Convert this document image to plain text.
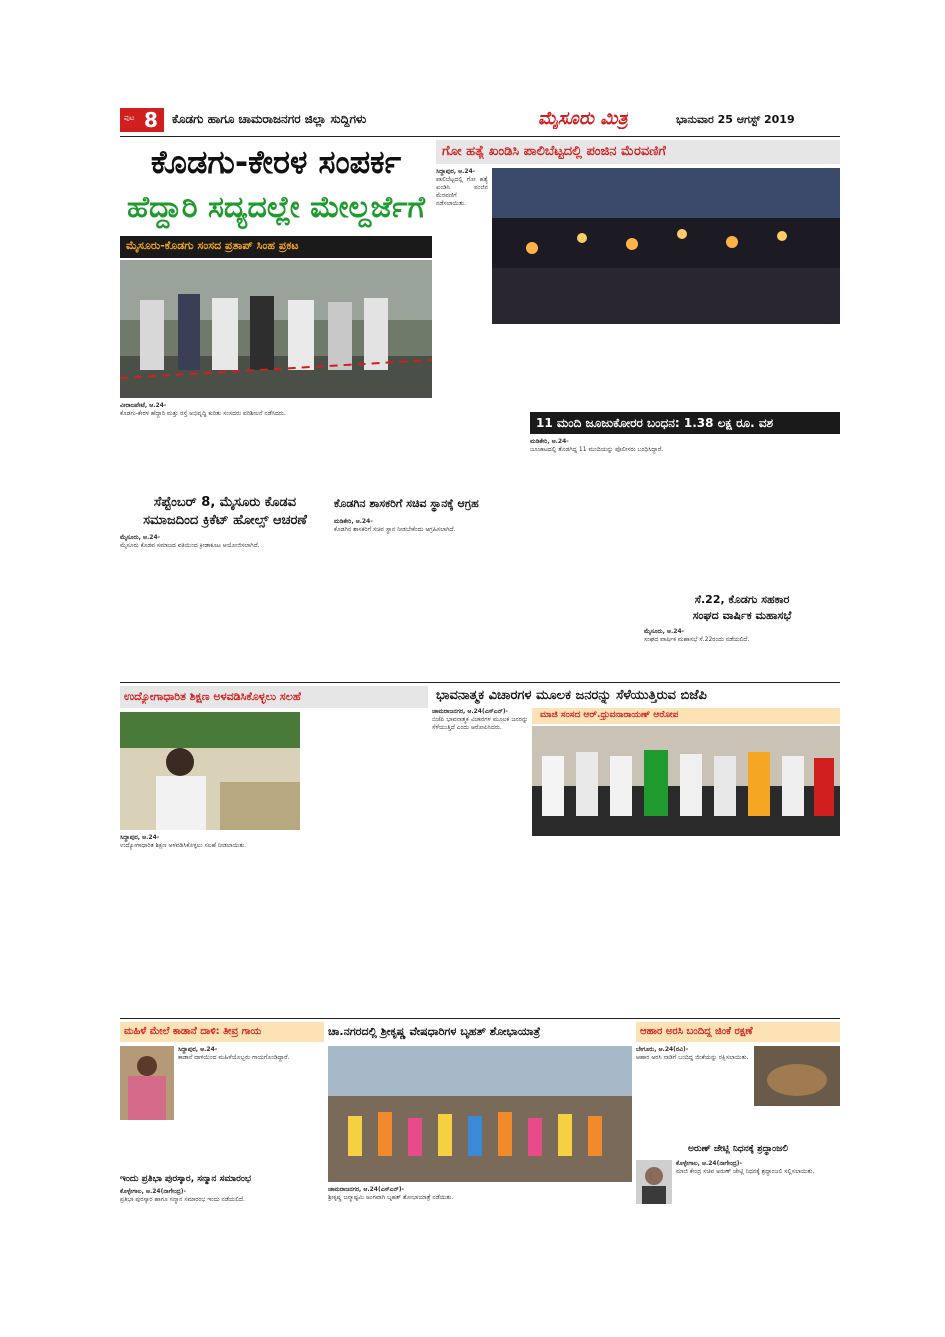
ಪುಟ 8 ಕೊಡಗು ಹಾಗೂ ಚಾಮರಾಜನಗರ ಜಿಲ್ಲಾ ಸುದ್ದಿಗಳು	ಮೈಸೂರು ಮಿತ್ರ	ಭಾನುವಾರ 25 ಆಗಸ್ಟ್ 2019
ಕೊಡಗು-ಕೇರಳ ಸಂಪರ್ಕ
ಹೆದ್ದಾರಿ ಸದ್ಯದಲ್ಲೇ ಮೇಲ್ದರ್ಜೆಗೆ
ಮೈಸೂರು-ಕೊಡಗು ಸಂಸದ ಪ್ರತಾಪ್ ಸಿಂಹ ಪ್ರಕಟ
ವೀರಾಜಪೇಟೆ, ಆ.24-
ಕೊಡಗು-ಕೇರಳ ಹೆದ್ದಾರಿ ಮತ್ತು ರಸ್ತೆ ಅಭಿವೃದ್ಧಿ ಕುರಿತು ಸಂಸದರು ಪರಿಶೀಲನೆ ನಡೆಸಿದರು.
ಗೋ ಹತ್ಯೆ ಖಂಡಿಸಿ ಪಾಲಿಬೆಟ್ಟದಲ್ಲಿ ಪಂಜಿನ ಮೆರವಣಿಗೆ
ಸಿದ್ದಾಪುರ, ಆ.24-
ಪಾಲಿಬೆಟ್ಟದಲ್ಲಿ ಗೋ ಹತ್ಯೆ ಖಂಡಿಸಿ ಪಂಜಿನ ಮೆರವಣಿಗೆ ನಡೆಸಲಾಯಿತು.
11 ಮಂದಿ ಜೂಜುಕೋರರ ಬಂಧನ: 1.38 ಲಕ್ಷ ರೂ. ವಶ
ಮಡಿಕೇರಿ, ಆ.24-
ಜೂಜಾಟದಲ್ಲಿ ತೊಡಗಿದ್ದ 11 ಮಂದಿಯನ್ನು ಪೊಲೀಸರು ಬಂಧಿಸಿದ್ದಾರೆ.
ಸೆಪ್ಟೆಂಬರ್ 8, ಮೈಸೂರು ಕೊಡವ
ಸಮಾಜದಿಂದ ಕ್ರಿಕೆಟ್ ಹೋಲ್ಸ್ ಆಚರಣೆ
ಮೈಸೂರು, ಆ.24-
ಮೈಸೂರು ಕೊಡವ ಸಮಾಜದ ವತಿಯಿಂದ ಕ್ರೀಡಾಕೂಟ ಆಯೋಜಿಸಲಾಗಿದೆ.
ಕೊಡಗಿನ ಶಾಸಕರಿಗೆ ಸಚಿವ ಸ್ಥಾನಕ್ಕೆ ಆಗ್ರಹ
ಮಡಿಕೇರಿ, ಆ.24-
ಕೊಡಗಿನ ಶಾಸಕರಿಗೆ ಸಚಿವ ಸ್ಥಾನ ನೀಡಬೇಕೆಂದು ಆಗ್ರಹಿಸಲಾಗಿದೆ.
ಸೆ.22, ಕೊಡಗು ಸಹಕಾರ
ಸಂಘದ ವಾರ್ಷಿಕ ಮಹಾಸಭೆ
ಮೈಸೂರು, ಆ.24-
ಸಂಘದ ವಾರ್ಷಿಕ ಮಹಾಸಭೆ ಸೆ.22ರಂದು ನಡೆಯಲಿದೆ.
ಉದ್ಯೋಗಾಧಾರಿತ ಶಿಕ್ಷಣ ಅಳವಡಿಸಿಕೊಳ್ಳಲು ಸಲಹೆ
ಸಿದ್ದಾಪುರ, ಆ.24-
ಉದ್ಯೋಗಾಧಾರಿತ ಶಿಕ್ಷಣ ಅಳವಡಿಸಿಕೊಳ್ಳಲು ಸಲಹೆ ನೀಡಲಾಯಿತು.
ಭಾವನಾತ್ಮಕ ವಿಚಾರಗಳ ಮೂಲಕ ಜನರನ್ನು ಸೆಳೆಯುತ್ತಿರುವ ಬಿಜೆಪಿ
ಮಾಜಿ ಸಂಸದ ಆರ್.ಧ್ರುವನಾರಾಯಣ್ ಆರೋಪ
ಚಾಮರಾಜನಗರ, ಆ.24(ಎಸ್‌ಎನ್)-
ಬಿಜೆಪಿ ಭಾವನಾತ್ಮಕ ವಿಚಾರಗಳ ಮೂಲಕ ಜನರನ್ನು ಸೆಳೆಯುತ್ತಿದೆ ಎಂದು ಆರೋಪಿಸಿದರು.
ಮಹಿಳೆ ಮೇಲೆ ಕಾಡಾನೆ ದಾಳಿ: ತೀವ್ರ ಗಾಯ
ಸಿದ್ದಾಪುರ, ಆ.24-
ಕಾಡಾನೆ ದಾಳಿಯಿಂದ ಮಹಿಳೆಯೊಬ್ಬರು ಗಾಯಗೊಂಡಿದ್ದಾರೆ.
ಇಂದು ಪ್ರತಿಭಾ ಪುರಸ್ಕಾರ, ಸನ್ಮಾನ ಸಮಾರಂಭ
ಕೊಳ್ಳೇಗಾಲ, ಆ.24(ನಾಗೇಂದ್ರ)-
ಪ್ರತಿಭಾ ಪುರಸ್ಕಾರ ಹಾಗೂ ಸನ್ಮಾನ ಸಮಾರಂಭ ಇಂದು ನಡೆಯಲಿದೆ.
ಚಾ.ನಗರದಲ್ಲಿ ಶ್ರೀಕೃಷ್ಣ ವೇಷಧಾರಿಗಳ ಬೃಹತ್ ಶೋಭಾಯಾತ್ರೆ
ಚಾಮರಾಜನಗರ, ಆ.24(ಎಸ್‌ಎನ್)-
ಶ್ರೀಕೃಷ್ಣ ಜನ್ಮಾಷ್ಟಮಿ ಅಂಗವಾಗಿ ಬೃಹತ್ ಶೋಭಾಯಾತ್ರೆ ನಡೆಯಿತು.
ಆಹಾರ ಅರಸಿ ಬಂದಿದ್ದ ಜಿಂಕೆ ರಕ್ಷಣೆ
ಬೇಗೂರು, ಆ.24(ರವಿ)-
ಆಹಾರ ಅರಸಿ ನಾಡಿಗೆ ಬಂದಿದ್ದ ಜಿಂಕೆಯನ್ನು ರಕ್ಷಿಸಲಾಯಿತು.
ಅರುಣ್ ಜೇಟ್ಲಿ ನಿಧನಕ್ಕೆ ಶ್ರದ್ಧಾಂಜಲಿ
ಕೊಳ್ಳೇಗಾಲ, ಆ.24(ನಾಗೇಂದ್ರ)-
ಮಾಜಿ ಕೇಂದ್ರ ಸಚಿವ ಅರುಣ್ ಜೇಟ್ಲಿ ನಿಧನಕ್ಕೆ ಶ್ರದ್ಧಾಂಜಲಿ ಸಲ್ಲಿಸಲಾಯಿತು.
